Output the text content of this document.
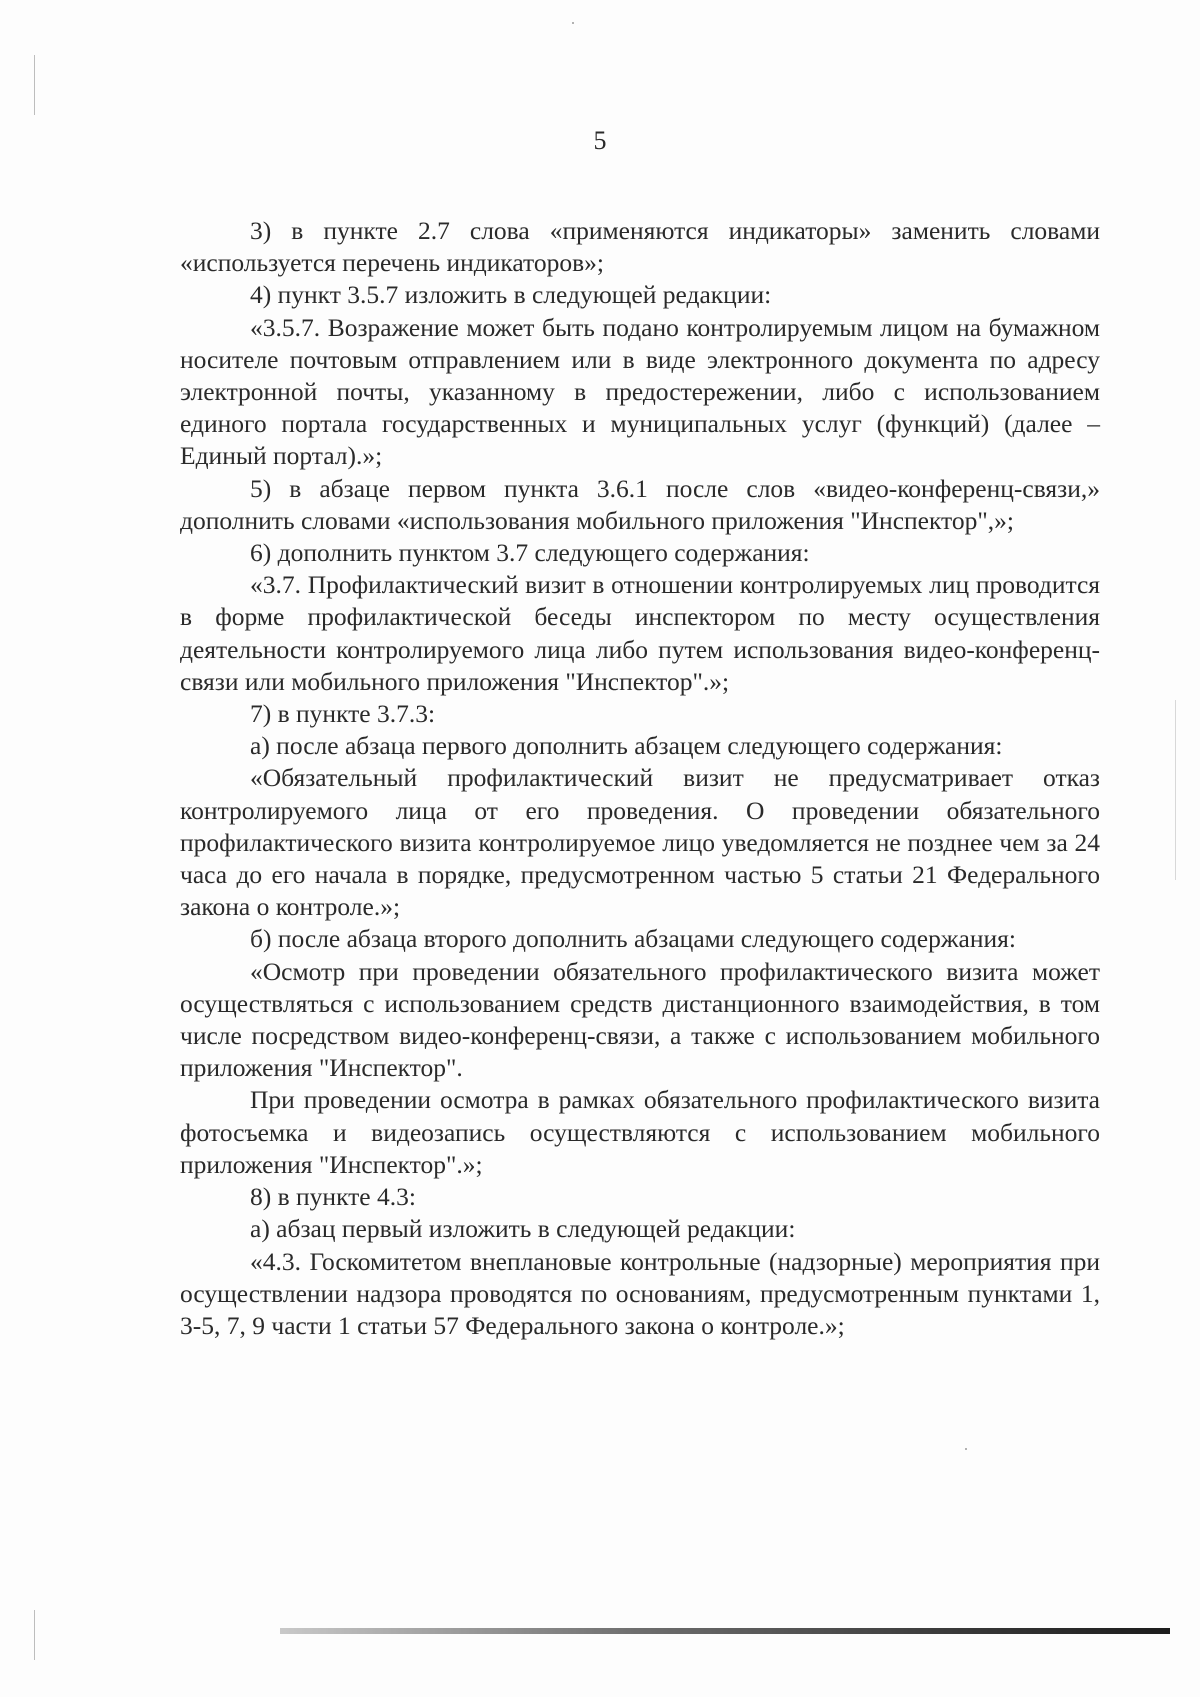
5

3) в пункте 2.7 слова «применяются индикаторы» заменить словами «используется перечень индикаторов»;

4) пункт 3.5.7 изложить в следующей редакции:

«3.5.7. Возражение может быть подано контролируемым лицом на бумажном носителе почтовым отправлением или в виде электронного документа по адресу электронной почты, указанному в предостережении, либо с использованием единого портала государственных и муниципальных услуг (функций) (далее – Единый портал).»;

5) в абзаце первом пункта 3.6.1 после слов «видео-конференц-связи,» дополнить словами «использования мобильного приложения "Инспектор",»;

6) дополнить пунктом 3.7 следующего содержания:

«3.7. Профилактический визит в отношении контролируемых лиц проводится в форме профилактической беседы инспектором по месту осуществления деятельности контролируемого лица либо путем использования видео-конференц-связи или мобильного приложения "Инспектор".»;

7) в пункте 3.7.3:

а) после абзаца первого дополнить абзацем следующего содержания:

«Обязательный профилактический визит не предусматривает отказ контролируемого лица от его проведения. О проведении обязательного профилактического визита контролируемое лицо уведомляется не позднее чем за 24 часа до его начала в порядке, предусмотренном частью 5 статьи 21 Федерального закона о контроле.»;

б) после абзаца второго дополнить абзацами следующего содержания:

«Осмотр при проведении обязательного профилактического визита может осуществляться с использованием средств дистанционного взаимодействия, в том числе посредством видео-конференц-связи, а также с использованием мобильного приложения "Инспектор".

При проведении осмотра в рамках обязательного профилактического визита фотосъемка и видеозапись осуществляются с использованием мобильного приложения "Инспектор".»;

8) в пункте 4.3:

а) абзац первый изложить в следующей редакции:

«4.3. Госкомитетом внеплановые контрольные (надзорные) мероприятия при осуществлении надзора проводятся по основаниям, предусмотренным пунктами 1, 3-5, 7, 9 части 1 статьи 57 Федерального закона о контроле.»;
